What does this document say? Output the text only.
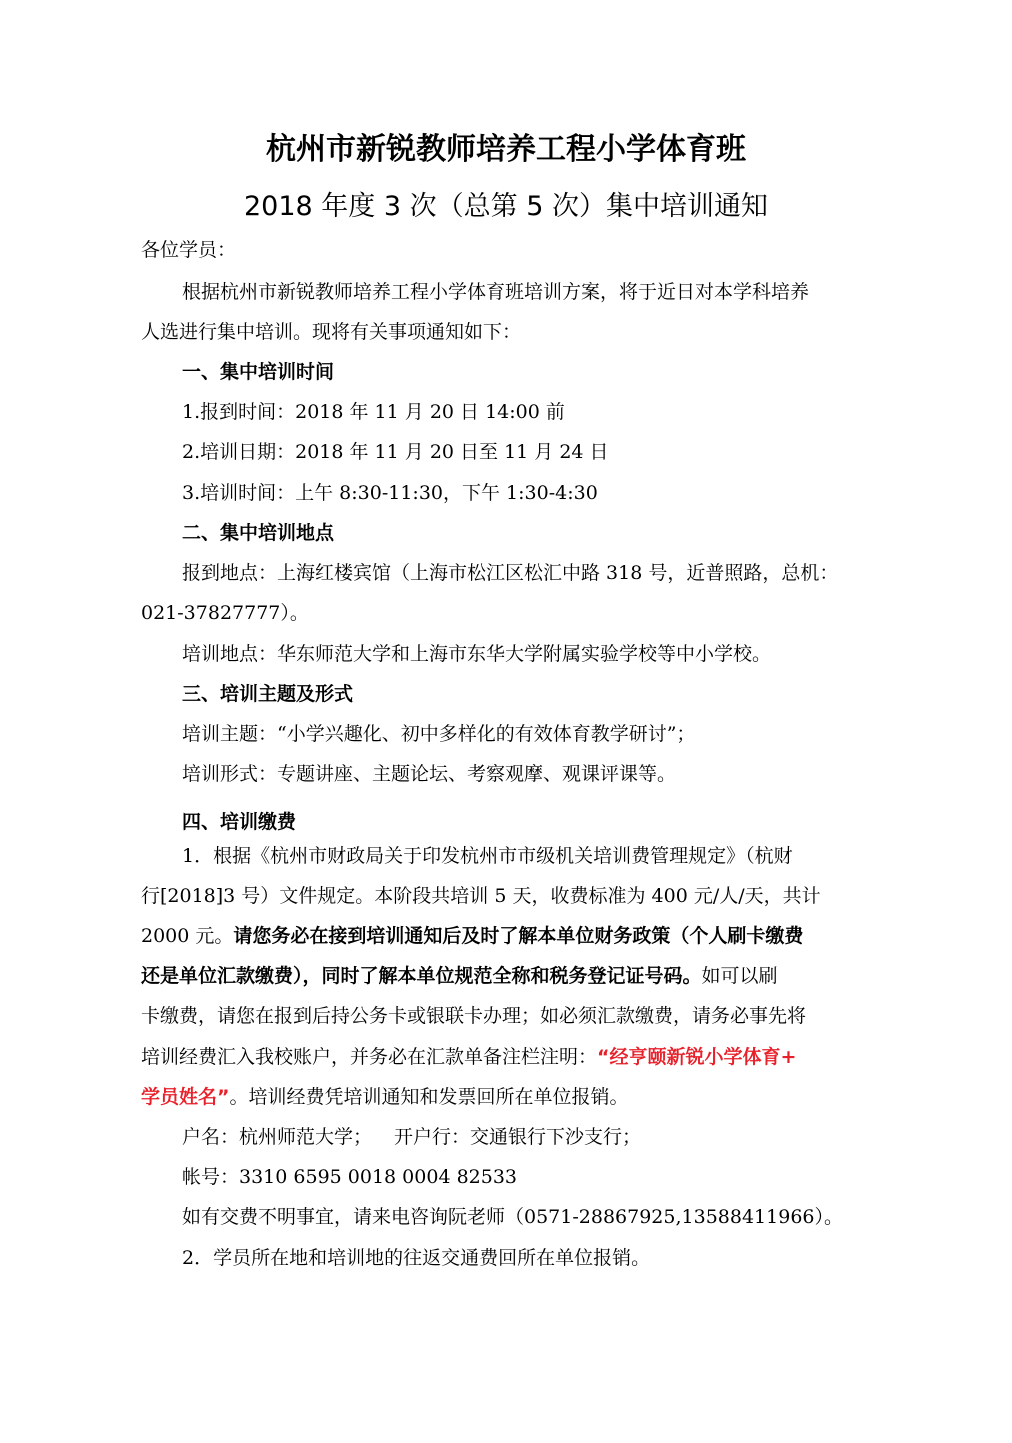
杭州市新锐教师培养工程小学体育班
2018 年度 3 次（总第 5 次）集中培训通知
各位学员：
根据杭州市新锐教师培养工程小学体育班培训方案，将于近日对本学科培养
人选进行集中培训。现将有关事项通知如下：
一、集中培训时间
1.报到时间：2018 年 11 月 20 日 14:00 前
2.培训日期：2018 年 11 月 20 日至 11 月 24 日
3.培训时间：上午 8:30-11:30，下午 1:30-4:30
二、集中培训地点
报到地点：上海红楼宾馆（上海市松江区松汇中路 318 号，近普照路，总机：
021-37827777）。
培训地点：华东师范大学和上海市东华大学附属实验学校等中小学校。
三、培训主题及形式
培训主题：“小学兴趣化、初中多样化的有效体育教学研讨”；
培训形式：专题讲座、主题论坛、考察观摩、观课评课等。
四、培训缴费
1．根据《杭州市财政局关于印发杭州市市级机关培训费管理规定》（杭财
行[2018]3 号）文件规定。本阶段共培训 5 天，收费标准为 400 元/人/天，共计
2000 元。请您务必在接到培训通知后及时了解本单位财务政策（个人刷卡缴费
还是单位汇款缴费），同时了解本单位规范全称和税务登记证号码。如可以刷
卡缴费，请您在报到后持公务卡或银联卡办理；如必须汇款缴费，请务必事先将
培训经费汇入我校账户，并务必在汇款单备注栏注明：“经亨颐新锐小学体育+
学员姓名”。培训经费凭培训通知和发票回所在单位报销。
户名：杭州师范大学； 开户行：交通银行下沙支行；
帐号：3310 6595 0018 0004 82533
如有交费不明事宜，请来电咨询阮老师（0571-28867925,13588411966）。
2．学员所在地和培训地的往返交通费回所在单位报销。
